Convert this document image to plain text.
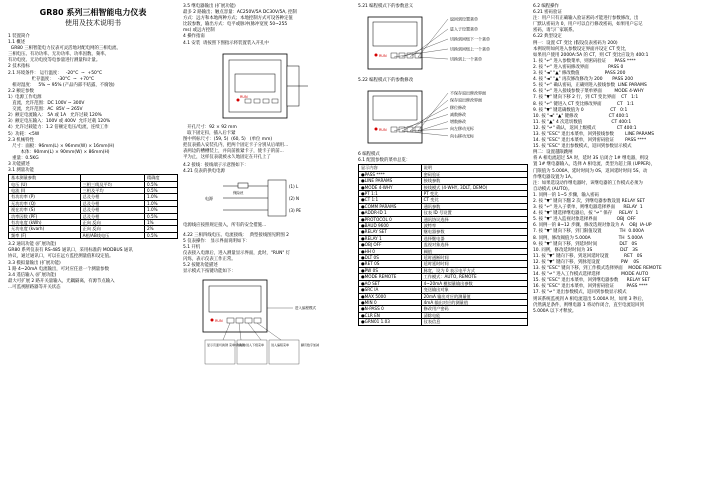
GR80 系列三相智能电力仪表
使用及技术说明书
1 装置简介
1.1 概述
GR80 三相智能电力仪表可灵活地对配电网的三相电流、
三相电压、有功功率、无功功率、功率因数、频率、
有功电度、无功电度等电参量进行测量和计量。
2 技术指标
2.1 环境条件： 运行温度：   -20°C  ~  +50°C
贮存温度：   -30°C  ~  +70°C
相对湿度：   5% ~ 95% (产品内部不结露，不腐蚀)
2.2 额定参数
1）电源工作电源
直流，允许范围：DC 100V ~ 300V
交流，允许范围：AC  85V ~ 265V
2）额定电流输入： 5A 或 1A   允许过载 120%
3）额定电压输入：100V 或 400V  允许过载 120%
4）允许过载能力：1.2 倍额定电压/电流，连续工作
5）功耗：<5W
2.3 机械特性
尺寸：面板：96mm(L) × 96mm(W) × 16mm(H)
本体：90mm(L) × 90mm(W) × 86mm(H)
重量：0.5KG
3 功能描述
3.1 测量功能
基本测量参数		精确度
电压 (U)	三相三线及平均	0.5%
电流 (I)	三相及平均	0.5%
有功功率 (P)	总及分相	1.0%
无功功率 (Q)	总及分相	1.0%
视在功率 (S)	总及分相	1.0%
功率因数 (PF)	总及分相	0.5%
有功电度 (kWh)	正向 反向	1%
无功电度 (kvarh)	正向 反向	2%
频率 (F)	A相/AB线电压	0.5%
3.2 通讯功能 (扩展功能)
GR80 系列仪表有 RS-485 通讯口，采用标准的 MODBUS 通讯
协议，通过通讯口，可以在远方监控测量值和设定值。
3.3 模拟量输出 (扩展功能)
1 路 4~20mA 电流输出，可对应任意一个测量参数
3.4 遥信输入 (扩展功能)
最大可扩展 2 路开关量输入，光耦隔离，有源节点输入
...可监视断路器等开关状态
3.5 继电器输出 (扩展功能)
最多 2 路输出；触点容量：AC250V/5A DC30V/5A, 控制
方式：远方和本地两种方式；本地控制方式可设各种定值
比较参数，输出方式：电平或脉冲(脉冲宽度 50~255
ms) 或远方控制
4 操作指南
4.1 安装  请按照下图指示将装置装入开孔中
RUN
开孔尺寸：92 × 92 mm
取下固定扣，插入后卡紧
图中所标尺寸：(59, 5)  (60, 5)   (单位 mm)
把仪表插入安装孔内，把两个固定卡子分别从后端用...
表两边的槽槽装上，并向前推紧卡子，使卡子的前...
平为止，这样仪表就被永久地固定在开孔上了
4.2 接线：接线端子示意图如下：
4.21 仪表的供电电源
(1) L
(2) N
(3) PE
电源
保险丝
电源线应按照规定接入，所有的安全措施...
4.22 三相四线电压、电流接线：  典型接线图见附图 2
5 仪表操作： 显示界面说明如下：
5.1 开机
仪表接入电源后，进入测量显示界面，此时，"RUN" 灯
闪烁，表示仪表工作正常。
5.2 按键功能描述
显示模式下按键功能如下：
RUN
进入编程模式
显示页面切换键 菜单/确认键
确认/进入下级菜单 进入编程菜单	翻页数字加减
5.21 编程模式下的参数意义
RUN
返回到设置菜单
进入子设置菜单
切换到同级下一个菜单
切换到同级上一个菜单
切换到上一个菜单
5.22 编程模式下的参数修改
RUN
不保存退出修改界面
保存退出修改界面
移位修改
减数修改
增数修改
向左移动光标
向右移动光标
6 编程模式
6.1 配置参数的菜单总览：
显示内容	说明
●PASS ****	密码验证
●LINE PARAMS	接线参数
●MODE 4-WHY	接线模式 (4-WHY, 3DLT, DEMO)
●PT 1:1	PT 变比
●CT 1:1	CT 变比
●COMM PARAMS	通讯参数
●ADDR-ID 1	仪表 ID 号设置
●PROTOCOL 0	通讯协议选择
●BAUD 9600	波特率
●RELAY SET	继电器参数
●RELAY 1	选择继电器
●OBJ OFF	监视对象选择
●HH 0	阈值
●DLT 0S	延时通断时间
●RET 0S	延时延时时间
●PW 0S	脉宽，设为 0 表示电平方式
●MODE REMOTE	工作模式：AUTO, REMOTE
●AO SET	4~20mA 模拟量输出参数
●SRC IA	变送输出对象
●MAX 5000	20mA 输出对应的测量值
●MIN 0	4mA 输出对应的测量值
●N-PASS 0	修改用户密码
●CLR EN	清除电能
●GRN01 1.03	仪表信息
6.2 编程操作
6.21 密码验证
注：用户只有正确输入验证密码才能进行参数修改，出
厂默认密码为 0，用户可以自行修改密码，如果用户忘记
密码，请与厂家联系。
6.22 典型设定
例一：设置 CT 变比 (假设仪表密码为 200)
本例说明如何进入参数设定界面并设定 CT 变比，
如果用户使用 2000A:5A 的 CT，则 CT 变比应设为 400:1
1. 按 "↵" 进入参数菜单，则密码验证      PASS ****
2. 按 "↵" 进入密码修改界面              PASS 0
3. 按 "◄" "▲" 修改数值                  PASS 200
4. 按 "◄" "▲" 再次修改修改为 200       PASS 200
5. 按 "↵" 确认密码，正确则进入接线参数  LINE PARAMS
6. 按 "↵" 进入接线参数子菜单界面         MODE 4-WHY
7. 按 "▼" 键向下移 2 行，到 CT 变比界面    CT   1:1
8. 按 "↵" 键进入 CT 变比修改界面           CT   1:1
9. 按 "▼" 键选确数值为 0                   CT   0:1
10. 按 "◄" "▲" 键修改                      CT 400:1
11. 按 "▲" 4 次选切数值                     CT 400:1
12. 按 "↵" 确认，返回上级模式               CT 400:1
13. 按 "ESC" 退出本菜单，回到接线参数        LINE PARAMS
14. 按 "ESC" 退出本菜单，回到密码验证        PASS ****
15. 按 "ESC" 退出参数模式，返回到参数显示模式
例二：设置越限跳闸
将 A 相电流超过 5A 时，延时 3S 后闭合 1# 继电器，则设
置 1# 继电器输入，选择 A 相电流，类型为超上限 (UPPER)，
门限值为 5.000A，延时时间为 0S，返回延时时间 5S，动
作继电器设置为 1A。
注：如果选设动作继电器时，该继电器的工作模式必须为
自动模式 (AUTO)。
1. 同例一的 1~5 步骤，输入密码
2. 按 "▼" 键向下翻 2 次，到继电器参数设置 RELAY SET
3. 按 "↵" 进入子菜单，则继电器选择界面      RELAY  1
4. 按 "▼" 键选择继电器后，按 "↵" 保存     RELAY  1
5. 按 "▼" 进入监视对象选择界面              OBJ  OFF
6. 同例一的 8~12 步骤，修改选规对象设为 A    OBJ  IA-UP
7. 按 "▼" 键向下移，到门限值设置             TH  0.000A
8. 同例，修改阈值为 5.000A                    TH  5.000A
9. 按 "▼" 键向下移，到延时时间                DLT   0S
10. 同例，修改延时时间为 3S                    DLT   3S
11. 按 "▼" 键向下移，到返回延时设置           RET   0S
12. 按 "▼" 键向下移，到脉宽设置               PW    0S
13. 按 "ESC" 键向下移，到工作模式选择界面    MODE REMOTE
14. 按 "↵" 进入工作模式选择选择               MODE AUTO
15. 按 "ESC" 退出本菜单，回到继电器参数      RELAY SET
16. 按 "ESC" 退出本菜单，回到密码验证         PASS ****
17. 按 "↵" 退出参数模式，返回到参数显示模式
则该系统监视到 A 相电流超出 5.000A 时，如果 3 秒后，
仍然满足条件，则继电器 1 将动作闭合，直至电流返回到
5.000A 以下才释放。
